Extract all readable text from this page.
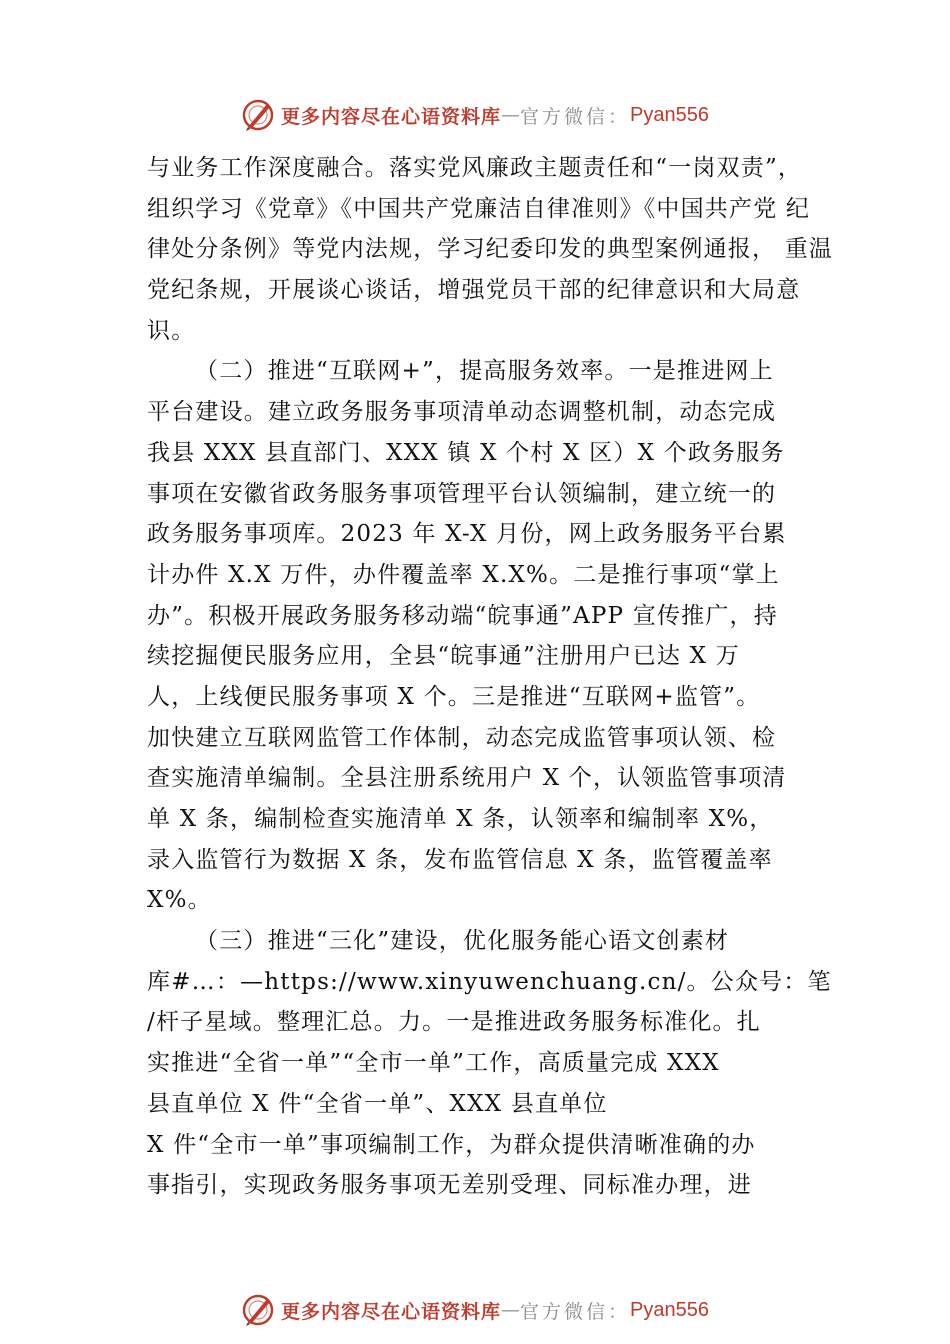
更多内容尽在心语资料库 — 官方微信： Pyan556
与业务工作深度融合。落实党风廉政主题责任和“一岗双责”，
组织学习《党章》《中国共产党廉洁自律准则》《中国共产党 纪
律处分条例》等党内法规，学习纪委印发的典型案例通报， 重温
党纪条规，开展谈心谈话，增强党员干部的纪律意识和大局意
识。
（二）推进“互联网+”，提高服务效率。一是推进网上
平台建设。建立政务服务事项清单动态调整机制，动态完成
我县 XXX 县直部门、XXX 镇 X 个村 X 区）X 个政务服务
事项在安徽省政务服务事项管理平台认领编制，建立统一的
政务服务事项库。2023 年 X-X 月份，网上政务服务平台累
计办件 X.X 万件，办件覆盖率 X.X%。二是推行事项“掌上
办”。积极开展政务服务移动端“皖事通”APP 宣传推广，持
续挖掘便民服务应用，全县“皖事通”注册用户已达 X 万
人，上线便民服务事项 X 个。三是推进“互联网+监管”。
加快建立互联网监管工作体制，动态完成监管事项认领、检
查实施清单编制。全县注册系统用户 X 个，认领监管事项清
单 X 条，编制检查实施清单 X 条，认领率和编制率 X%，
录入监管行为数据 X 条，发布监管信息 X 条，监管覆盖率
X%。
（三）推进“三化”建设，优化服务能心语文创素材
库#…：—https://www.xinyuwenchuang.cn/。公众号：笔
/杆子星域。整理汇总。力。一是推进政务服务标准化。扎
实推进“全省一单”“全市一单”工作，高质量完成 XXX
县直单位 X 件“全省一单”、XXX 县直单位
X 件“全市一单”事项编制工作，为群众提供清晰准确的办
事指引，实现政务服务事项无差别受理、同标准办理，进
更多内容尽在心语资料库 — 官方微信： Pyan556
